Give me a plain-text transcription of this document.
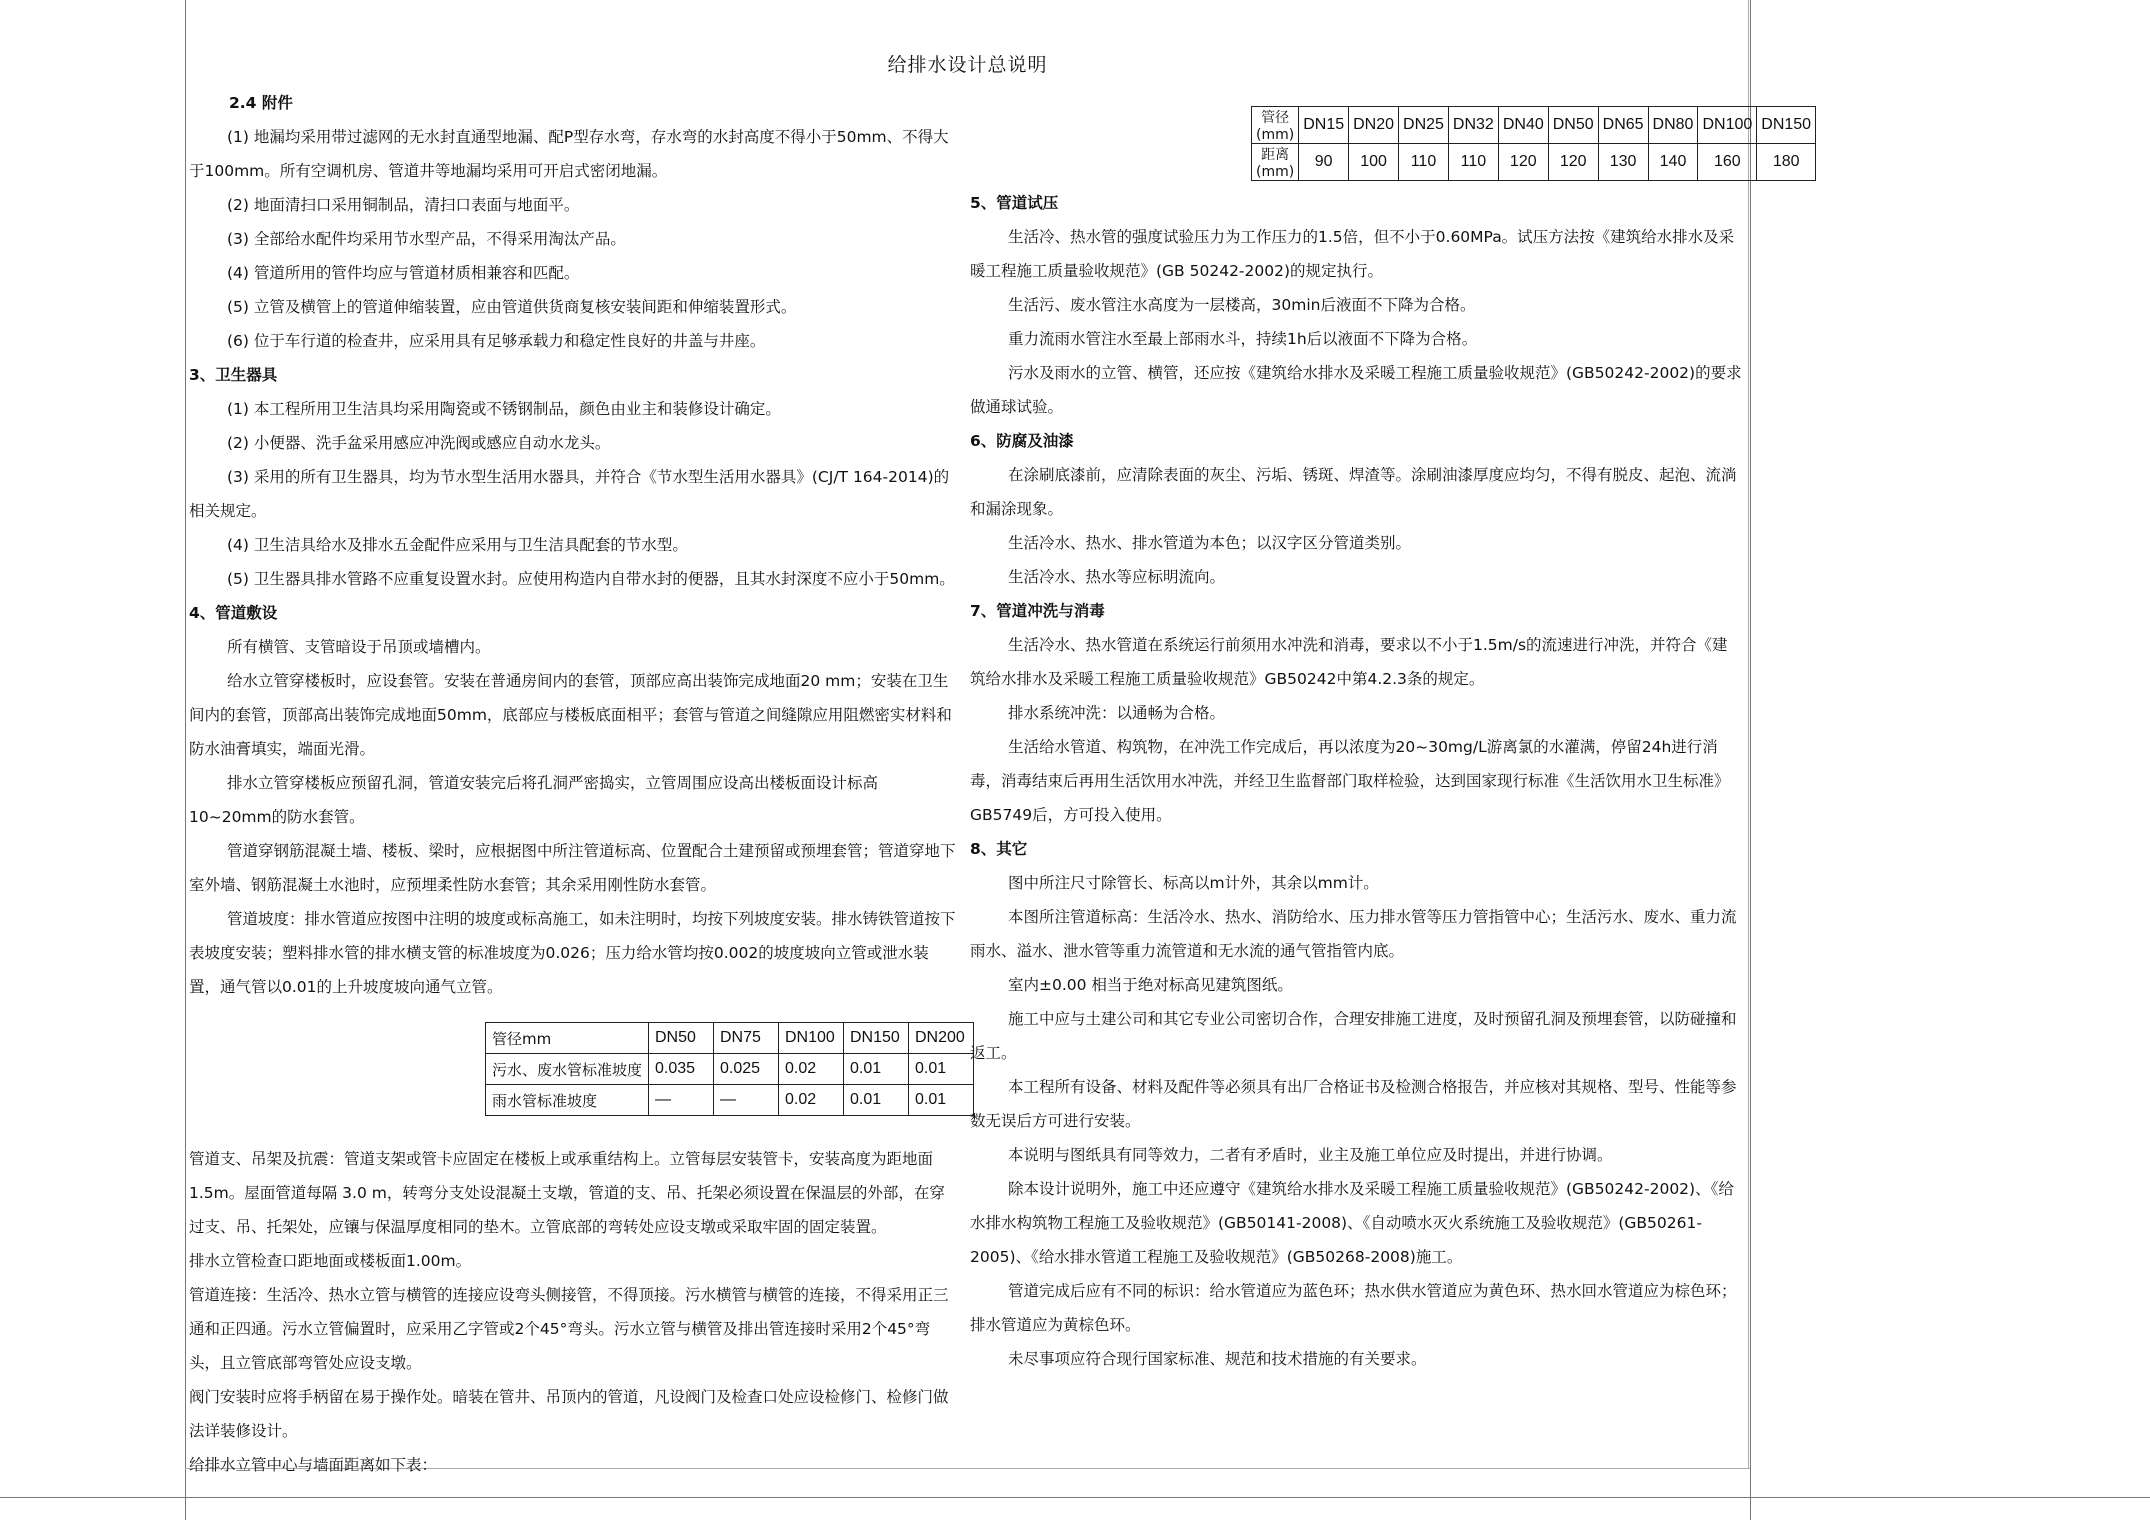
给排水设计总说明

2.4 附件

(1) 地漏均采用带过滤网的无水封直通型地漏、配P型存水弯，存水弯的水封高度不得小于50mm、不得大于100mm。所有空调机房、管道井等地漏均采用可开启式密闭地漏。

(2) 地面清扫口采用铜制品，清扫口表面与地面平。

(3) 全部给水配件均采用节水型产品，不得采用淘汰产品。

(4) 管道所用的管件均应与管道材质相兼容和匹配。

(5) 立管及横管上的管道伸缩装置，应由管道供货商复核安装间距和伸缩装置形式。

(6) 位于车行道的检查井，应采用具有足够承载力和稳定性良好的井盖与井座。

3、卫生器具

(1) 本工程所用卫生洁具均采用陶瓷或不锈钢制品，颜色由业主和装修设计确定。

(2) 小便器、洗手盆采用感应冲洗阀或感应自动水龙头。

(3) 采用的所有卫生器具，均为节水型生活用水器具，并符合《节水型生活用水器具》(CJ/T 164-2014)的相关规定。

(4) 卫生洁具给水及排水五金配件应采用与卫生洁具配套的节水型。

(5) 卫生器具排水管路不应重复设置水封。应使用构造内自带水封的便器，且其水封深度不应小于50mm。

4、管道敷设

所有横管、支管暗设于吊顶或墙槽内。

给水立管穿楼板时，应设套管。安装在普通房间内的套管，顶部应高出装饰完成地面20 mm；安装在卫生间内的套管，顶部高出装饰完成地面50mm，底部应与楼板底面相平；套管与管道之间缝隙应用阻燃密实材料和防水油膏填实，端面光滑。

排水立管穿楼板应预留孔洞，管道安装完后将孔洞严密捣实，立管周围应设高出楼板面设计标高10~20mm的防水套管。

管道穿钢筋混凝土墙、楼板、梁时，应根据图中所注管道标高、位置配合土建预留或预埋套管；管道穿地下室外墙、钢筋混凝土水池时，应预埋柔性防水套管；其余采用刚性防水套管。

管道坡度：排水管道应按图中注明的坡度或标高施工，如未注明时，均按下列坡度安装。排水铸铁管道按下表坡度安装；塑料排水管的排水横支管的标准坡度为0.026；压力给水管均按0.002的坡度坡向立管或泄水装置，通气管以0.01的上升坡度坡向通气立管。

管径mm	DN50	DN75	DN100	DN150	DN200
污水、废水管标准坡度	0.035	0.025	0.02	0.01	0.01
雨水管标准坡度	—	—	0.02	0.01	0.01

管道支、吊架及抗震：管道支架或管卡应固定在楼板上或承重结构上。立管每层安装管卡，安装高度为距地面 1.5m。屋面管道每隔 3.0 m，转弯分支处设混凝土支墩，管道的支、吊、托架必须设置在保温层的外部，在穿过支、吊、托架处，应镶与保温厚度相同的垫木。立管底部的弯转处应设支墩或采取牢固的固定装置。

排水立管检查口距地面或楼板面1.00m。

管道连接：生活冷、热水立管与横管的连接应设弯头侧接管，不得顶接。污水横管与横管的连接，不得采用正三通和正四通。污水立管偏置时，应采用乙字管或2个45°弯头。污水立管与横管及排出管连接时采用2个45°弯头，且立管底部弯管处应设支墩。

阀门安装时应将手柄留在易于操作处。暗装在管井、吊顶内的管道，凡设阀门及检查口处应设检修门、检修门做法详装修设计。

给排水立管中心与墙面距离如下表：

管径 (mm)	DN15	DN20	DN25	DN32	DN40	DN50	DN65	DN80	DN100	DN150
距离 (mm)	90	100	110	110	120	120	130	140	160	180

5、管道试压

生活冷、热水管的强度试验压力为工作压力的1.5倍，但不小于0.60MPa。试压方法按《建筑给水排水及采暖工程施工质量验收规范》(GB 50242-2002)的规定执行。

生活污、废水管注水高度为一层楼高，30min后液面不下降为合格。

重力流雨水管注水至最上部雨水斗，持续1h后以液面不下降为合格。

污水及雨水的立管、横管，还应按《建筑给水排水及采暖工程施工质量验收规范》(GB50242-2002)的要求做通球试验。

6、防腐及油漆

在涂刷底漆前，应清除表面的灰尘、污垢、锈斑、焊渣等。涂刷油漆厚度应均匀，不得有脱皮、起泡、流淌和漏涂现象。

生活冷水、热水、排水管道为本色；以汉字区分管道类别。

生活冷水、热水等应标明流向。

7、管道冲洗与消毒

生活冷水、热水管道在系统运行前须用水冲洗和消毒，要求以不小于1.5m/s的流速进行冲洗，并符合《建筑给水排水及采暖工程施工质量验收规范》GB50242中第4.2.3条的规定。

排水系统冲洗：以通畅为合格。

生活给水管道、构筑物，在冲洗工作完成后，再以浓度为20~30mg/L游离氯的水灌满，停留24h进行消毒，消毒结束后再用生活饮用水冲洗，并经卫生监督部门取样检验，达到国家现行标准《生活饮用水卫生标准》GB5749后，方可投入使用。

8、其它

图中所注尺寸除管长、标高以m计外，其余以mm计。

本图所注管道标高：生活冷水、热水、消防给水、压力排水管等压力管指管中心；生活污水、废水、重力流雨水、溢水、泄水管等重力流管道和无水流的通气管指管内底。

室内±0.00 相当于绝对标高见建筑图纸。

施工中应与土建公司和其它专业公司密切合作，合理安排施工进度，及时预留孔洞及预埋套管，以防碰撞和返工。

本工程所有设备、材料及配件等必须具有出厂合格证书及检测合格报告，并应核对其规格、型号、性能等参数无误后方可进行安装。

本说明与图纸具有同等效力，二者有矛盾时，业主及施工单位应及时提出，并进行协调。

除本设计说明外，施工中还应遵守《建筑给水排水及采暖工程施工质量验收规范》(GB50242-2002)、《给水排水构筑物工程施工及验收规范》(GB50141-2008)、《自动喷水灭火系统施工及验收规范》(GB50261-2005)、《给水排水管道工程施工及验收规范》(GB50268-2008)施工。

管道完成后应有不同的标识：给水管道应为蓝色环；热水供水管道应为黄色环、热水回水管道应为棕色环；排水管道应为黄棕色环。

未尽事项应符合现行国家标准、规范和技术措施的有关要求。
